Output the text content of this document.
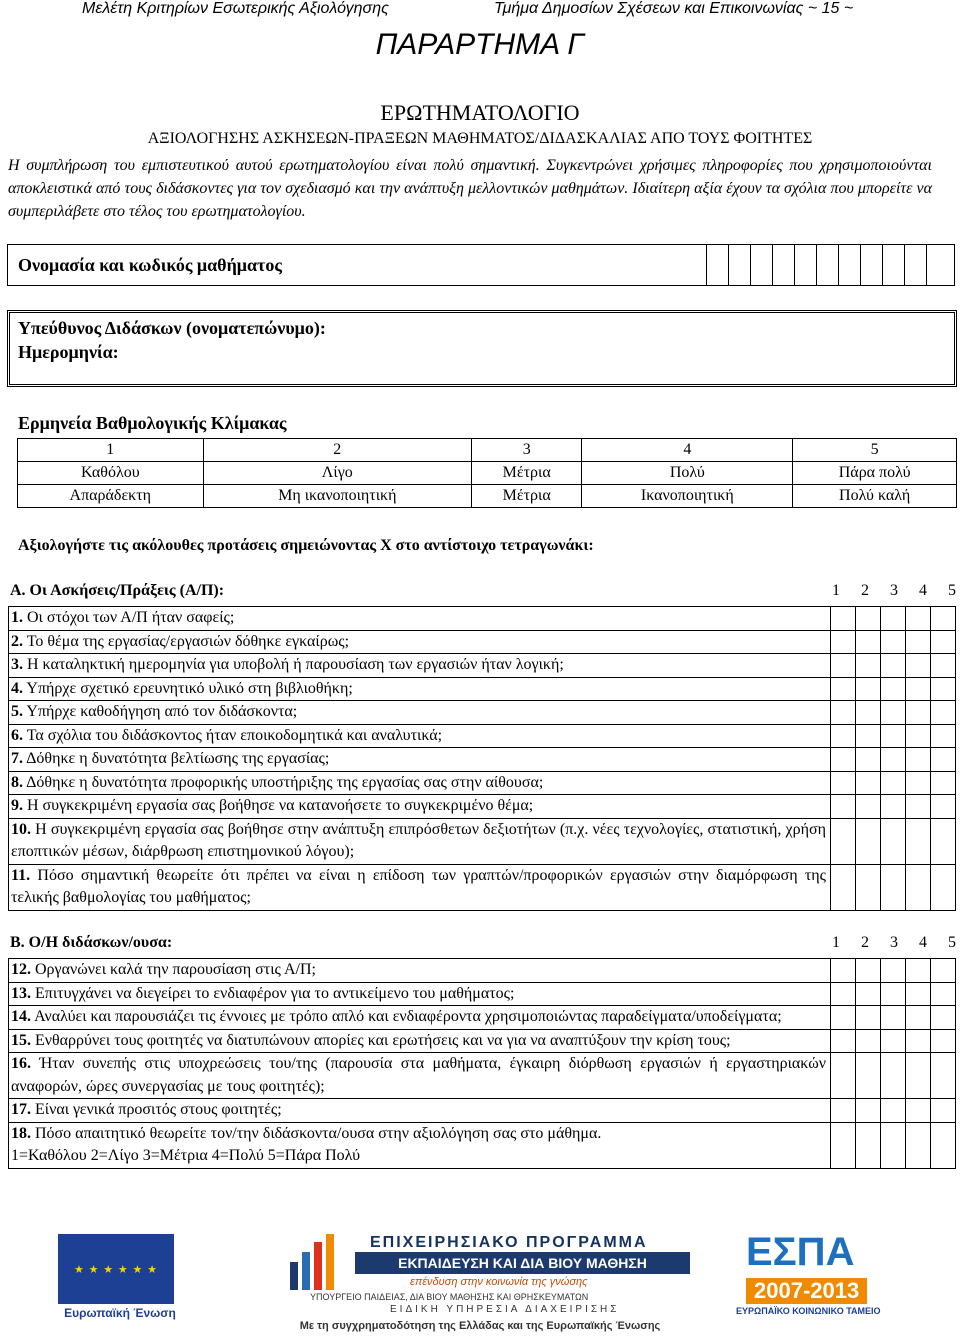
Μελέτη Κριτηρίων Εσωτερικής Αξιολόγησης	Τμήμα Δημοσίων Σχέσεων και Επικοινωνίας ~ 15 ~
ΠΑΡΑΡΤΗΜΑ Γ
ΕΡΩΤΗΜΑΤΟΛΟΓΙΟ
ΑΞΙΟΛΟΓΗΣΗΣ ΑΣΚΗΣΕΩΝ-ΠΡΑΞΕΩΝ ΜΑΘΗΜΑΤΟΣ/ΔΙΔΑΣΚΑΛΙΑΣ ΑΠΟ ΤΟΥΣ ΦΟΙΤΗΤΕΣ

Η συμπλήρωση του εμπιστευτικού αυτού ερωτηματολογίου είναι πολύ σημαντική. Συγκεντρώνει χρήσιμες πληροφορίες που χρησιμοποιούνται αποκλειστικά από τους διδάσκοντες για τον σχεδιασμό και την ανάπτυξη μελλοντικών μαθημάτων. Ιδιαίτερη αξία έχουν τα σχόλια που μπορείτε να συμπεριλάβετε στο τέλος του ερωτηματολογίου.

Ονομασία και κωδικός μαθήματος
Υπεύθυνος Διδάσκων (ονοματεπώνυμο):
Ημερομηνία:
Ερμηνεία Βαθμολογικής Κλίμακας
1	2	3	4	5
Καθόλου	Λίγο	Μέτρια	Πολύ	Πάρα πολύ
Απαράδεκτη	Μη ικανοποιητική	Μέτρια	Ικανοποιητική	Πολύ καλή
Αξιολογήστε τις ακόλουθες προτάσεις σημειώνοντας Χ στο αντίστοιχο τετραγωνάκι:
Α. Οι Ασκήσεις/Πράξεις (Α/Π):	1 2 3 4 5
1. Οι στόχοι των Α/Π ήταν σαφείς;
2. Το θέμα της εργασίας/εργασιών δόθηκε εγκαίρως;
3. Η καταληκτική ημερομηνία για υποβολή ή παρουσίαση των εργασιών ήταν λογική;
4. Υπήρχε σχετικό ερευνητικό υλικό στη βιβλιοθήκη;
5. Υπήρχε καθοδήγηση από τον διδάσκοντα;
6. Τα σχόλια του διδάσκοντος ήταν εποικοδομητικά και αναλυτικά;
7. Δόθηκε η δυνατότητα βελτίωσης της εργασίας;
8. Δόθηκε η δυνατότητα προφορικής υποστήριξης της εργασίας σας στην αίθουσα;
9. Η συγκεκριμένη εργασία σας βοήθησε να κατανοήσετε το συγκεκριμένο θέμα;
10. Η συγκεκριμένη εργασία σας βοήθησε στην ανάπτυξη επιπρόσθετων δεξιοτήτων (π.χ. νέες τεχνολογίες, στατιστική, χρήση εποπτικών μέσων, διάρθρωση επιστημονικού λόγου);
11. Πόσο σημαντική θεωρείτε ότι πρέπει να είναι η επίδοση των γραπτών/προφορικών εργασιών στην διαμόρφωση της τελικής βαθμολογίας του μαθήματος;
Β. Ο/Η διδάσκων/ουσα:	1 2 3 4 5
12. Οργανώνει καλά την παρουσίαση στις Α/Π;
13. Επιτυγχάνει να διεγείρει το ενδιαφέρον για το αντικείμενο του μαθήματος;
14. Αναλύει και παρουσιάζει τις έννοιες με τρόπο απλό και ενδιαφέροντα χρησιμοποιώντας παραδείγματα/υποδείγματα;
15. Ενθαρρύνει τους φοιτητές να διατυπώνουν απορίες και ερωτήσεις και να για να αναπτύξουν την κρίση τους;
16. Ήταν συνεπής στις υποχρεώσεις του/της (παρουσία στα μαθήματα, έγκαιρη διόρθωση εργασιών ή εργαστηριακών αναφορών, ώρες συνεργασίας με τους φοιτητές);
17. Είναι γενικά προσιτός στους φοιτητές;
18. Πόσο απαιτητικό θεωρείτε τον/την διδάσκοντα/ουσα στην αξιολόγηση σας στο μάθημα.
1=Καθόλου 2=Λίγο 3=Μέτρια 4=Πολύ 5=Πάρα Πολύ
★ ★ ★ ★ ★ ★
Ευρωπαϊκή Ένωση
ΕΠΙΧΕΙΡΗΣΙΑΚΟ ΠΡΟΓΡΑΜΜΑ
ΕΚΠΑΙΔΕΥΣΗ ΚΑΙ ΔΙΑ ΒΙΟΥ ΜΑΘΗΣΗ
επένδυση στην κοινωνία της γνώσης
ΥΠΟΥΡΓΕΙΟ ΠΑΙΔΕΙΑΣ, ΔΙΑ ΒΙΟΥ ΜΑΘΗΣΗΣ ΚΑΙ ΘΡΗΣΚΕΥΜΑΤΩΝ
ΕΙΔΙΚΗ ΥΠΗΡΕΣΙΑ ΔΙΑΧΕΙΡΙΣΗΣ
ΕΣΠΑ
2007-2013
ΕΥΡΩΠΑΪΚΟ ΚΟΙΝΩΝΙΚΟ ΤΑΜΕΙΟ
Με τη συγχρηματοδότηση της Ελλάδας και της Ευρωπαϊκής Ένωσης
